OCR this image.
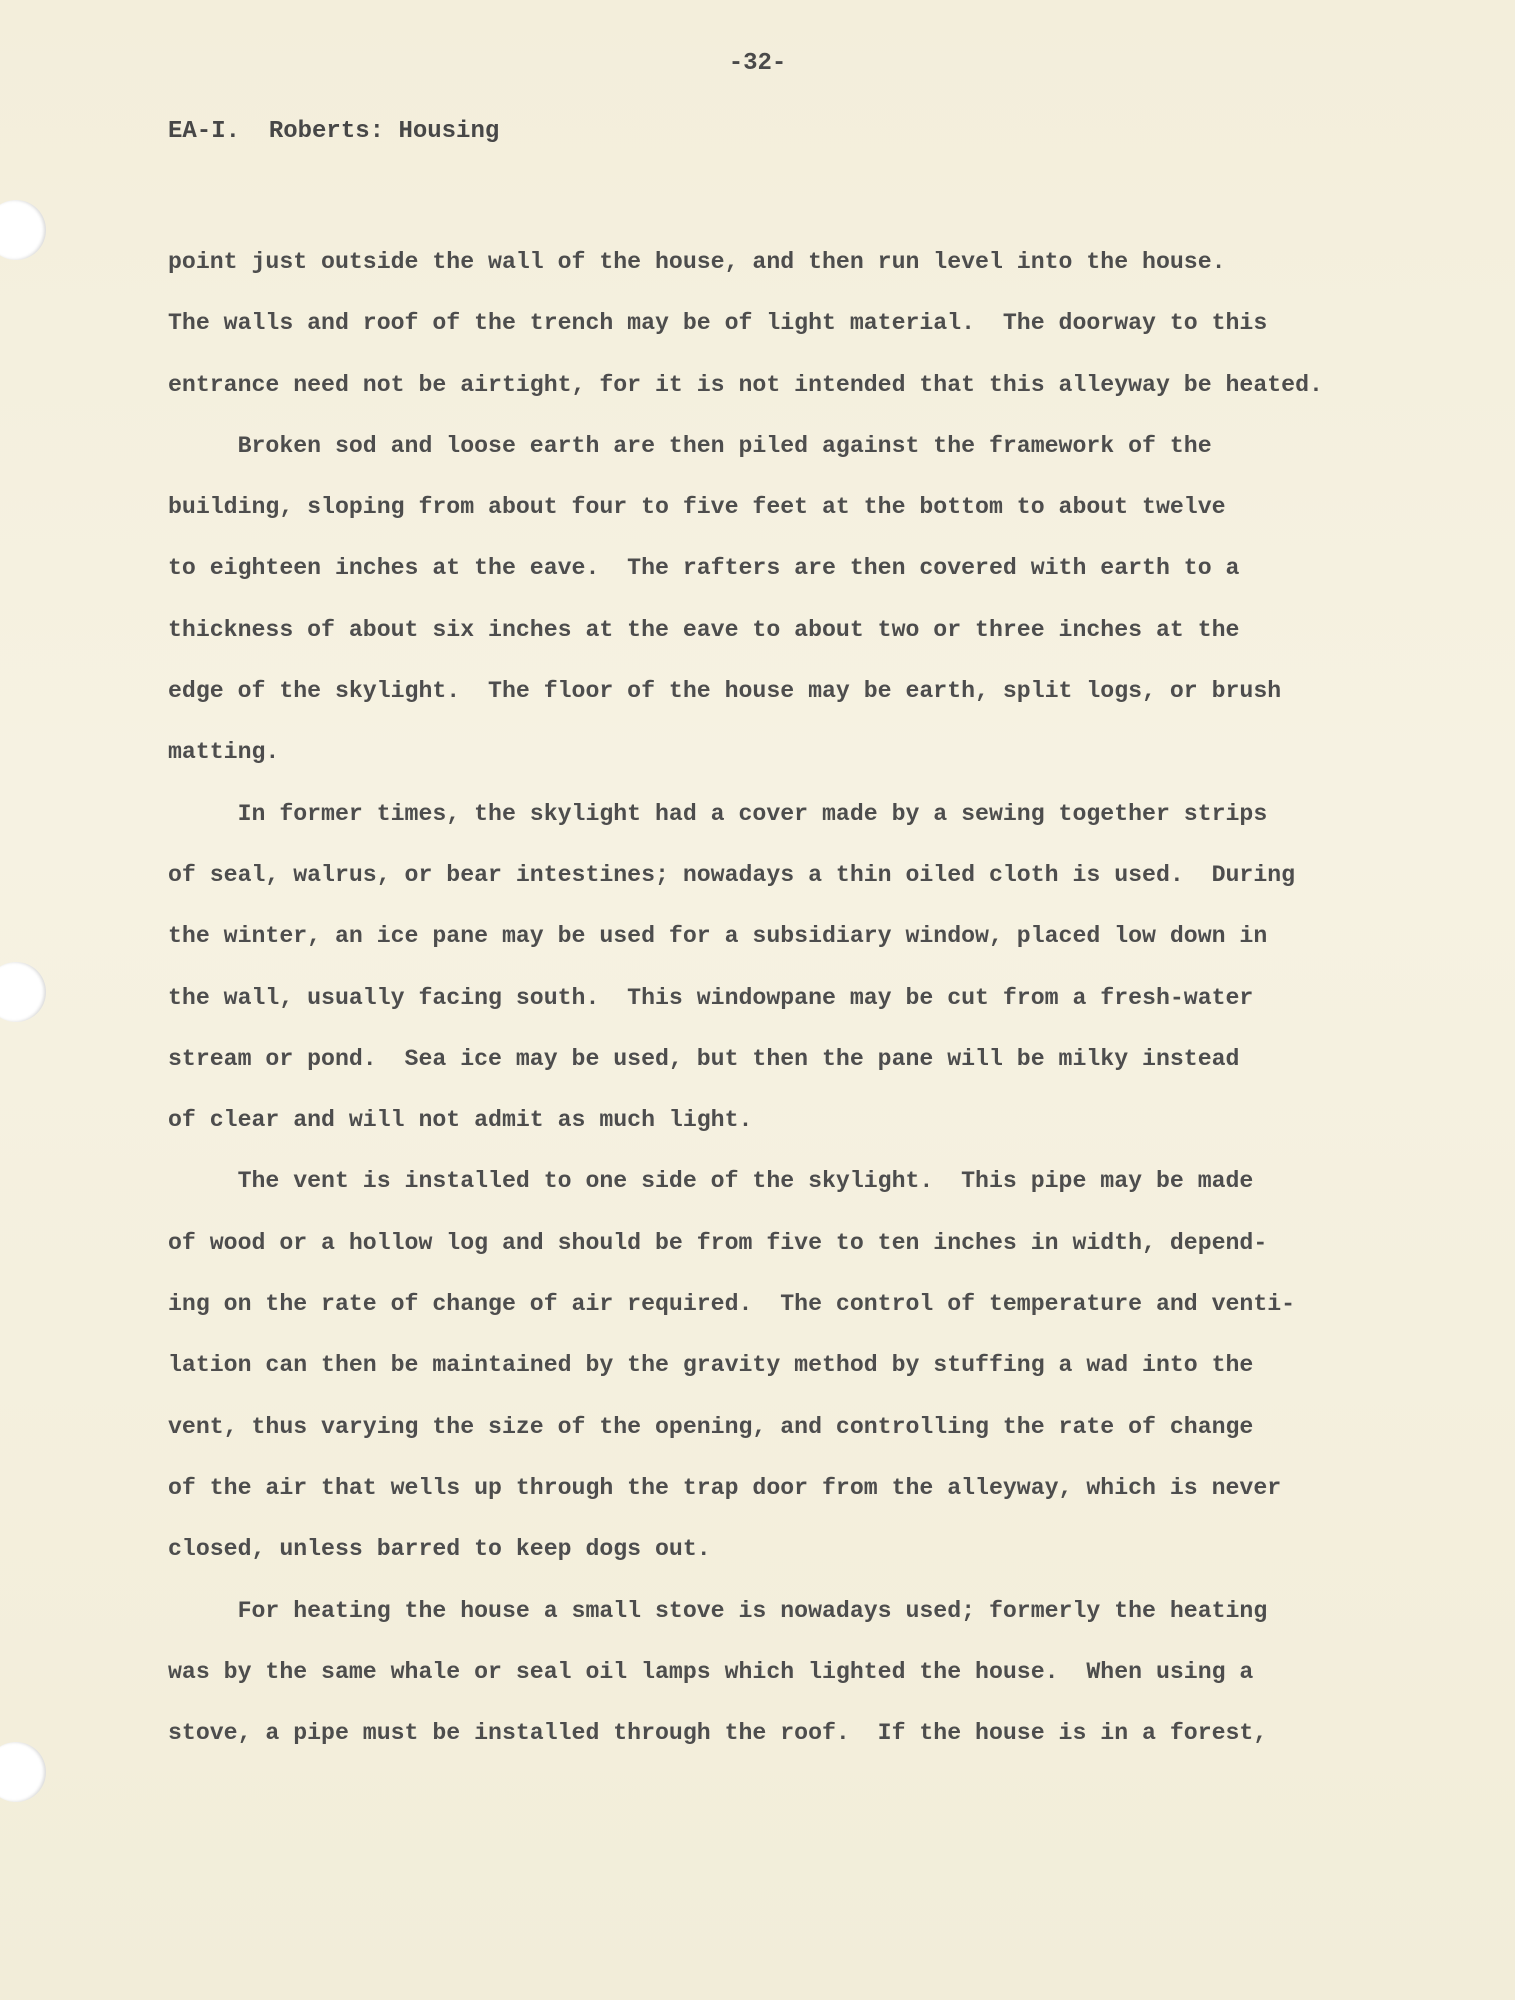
-32-
EA-I.  Roberts: Housing
point just outside the wall of the house, and then run level into the house.
The walls and roof of the trench may be of light material.  The doorway to this
entrance need not be airtight, for it is not intended that this alleyway be heated.
Broken sod and loose earth are then piled against the framework of the
building, sloping from about four to five feet at the bottom to about twelve
to eighteen inches at the eave.  The rafters are then covered with earth to a
thickness of about six inches at the eave to about two or three inches at the
edge of the skylight.  The floor of the house may be earth, split logs, or brush
matting.
In former times, the skylight had a cover made by a sewing together strips
of seal, walrus, or bear intestines; nowadays a thin oiled cloth is used.  During
the winter, an ice pane may be used for a subsidiary window, placed low down in
the wall, usually facing south.  This windowpane may be cut from a fresh-water
stream or pond.  Sea ice may be used, but then the pane will be milky instead
of clear and will not admit as much light.
The vent is installed to one side of the skylight.  This pipe may be made
of wood or a hollow log and should be from five to ten inches in width, depend-
ing on the rate of change of air required.  The control of temperature and venti-
lation can then be maintained by the gravity method by stuffing a wad into the
vent, thus varying the size of the opening, and controlling the rate of change
of the air that wells up through the trap door from the alleyway, which is never
closed, unless barred to keep dogs out.
For heating the house a small stove is nowadays used; formerly the heating
was by the same whale or seal oil lamps which lighted the house.  When using a
stove, a pipe must be installed through the roof.  If the house is in a forest,
